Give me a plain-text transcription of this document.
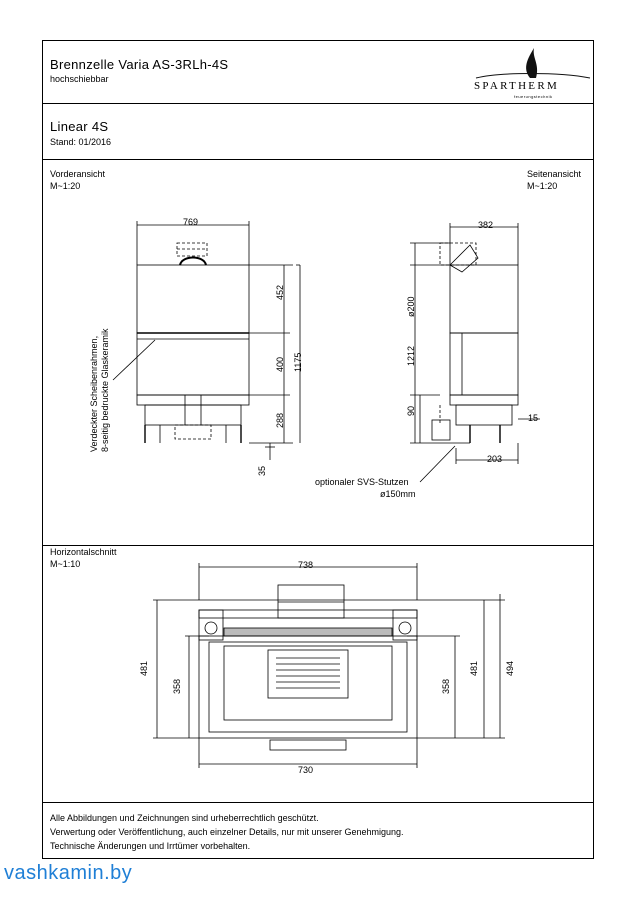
Brennzelle Varia AS-3RLh-4S
hochschiebbar
SPARTHERM
feuerungstechnik
Linear 4S
Stand: 01/2016
Vorderansicht
M~1:20
Seitenansicht
M~1:20
Horizontalschnitt
M~1:10
769
452
400
288
1175
35
Verdeckter Scheibenrahmen, 8-seitig bedruckte Glaskeramik
382
ø200
1212
90
15
203
optionaler SVS-Stutzen
ø150mm
738
730
481
358	358
481	494
Alle Abbildungen und Zeichnungen sind urheberrechtlich geschützt.
Verwertung oder Veröffentlichung, auch einzelner Details, nur mit unserer Genehmigung.
Technische Änderungen und Irrtümer vorbehalten.
vashkamin.by
